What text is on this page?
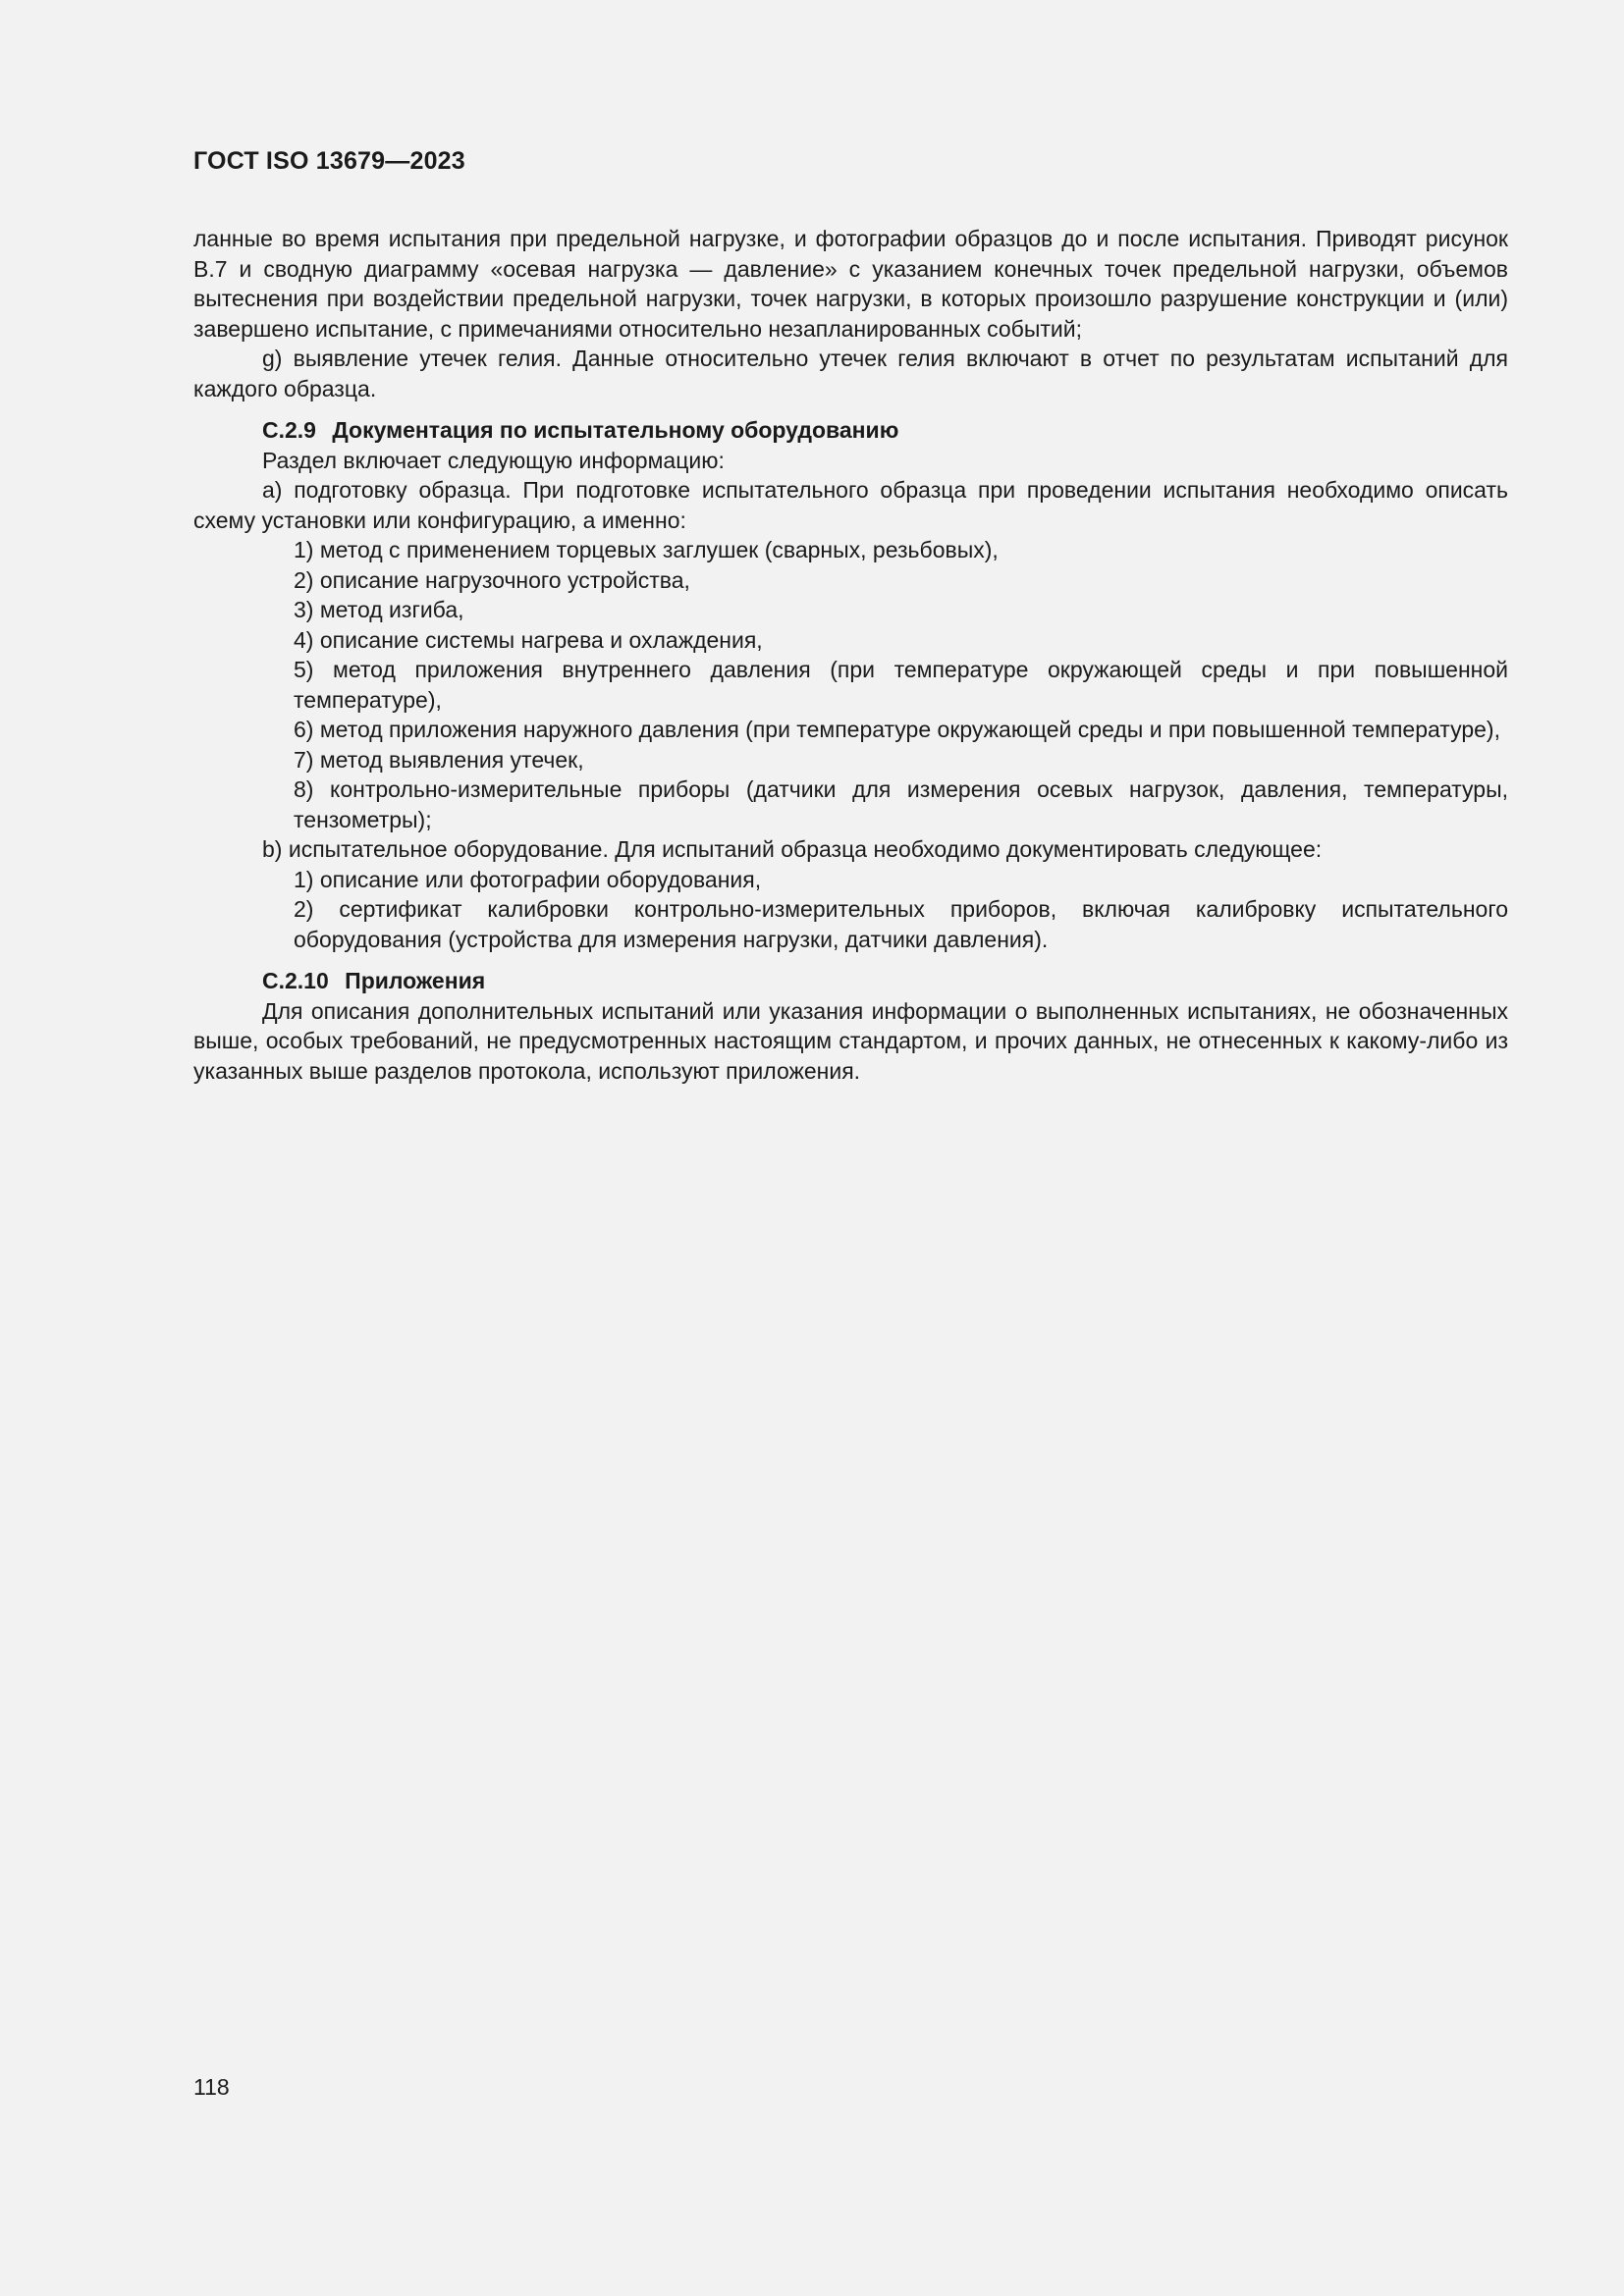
ГОСТ ISO 13679—2023

ланные во время испытания при предельной нагрузке, и фотографии образцов до и после испытания. Приводят рисунок В.7 и сводную диаграмму «осевая нагрузка — давление» с указанием конечных точек предельной нагрузки, объемов вытеснения при воздействии предельной нагрузки, точек нагрузки, в которых произошло разрушение конструкции и (или) завершено испытание, с примечаниями относительно незапланированных событий;

g) выявление утечек гелия. Данные относительно утечек гелия включают в отчет по результатам испытаний для каждого образца.

С.2.9 Документация по испытательному оборудованию

Раздел включает следующую информацию:

a) подготовку образца. При подготовке испытательного образца при проведении испытания необходимо описать схему установки или конфигурацию, а именно:

1) метод с применением торцевых заглушек (сварных, резьбовых),

2) описание нагрузочного устройства,

3) метод изгиба,

4) описание системы нагрева и охлаждения,

5) метод приложения внутреннего давления (при температуре окружающей среды и при повышенной температуре),

6) метод приложения наружного давления (при температуре окружающей среды и при повышенной температуре),

7) метод выявления утечек,

8) контрольно-измерительные приборы (датчики для измерения осевых нагрузок, давления, температуры, тензометры);

b) испытательное оборудование. Для испытаний образца необходимо документировать следующее:

1) описание или фотографии оборудования,

2) сертификат калибровки контрольно-измерительных приборов, включая калибровку испытательного оборудования (устройства для измерения нагрузки, датчики давления).

С.2.10 Приложения

Для описания дополнительных испытаний или указания информации о выполненных испытаниях, не обозначенных выше, особых требований, не предусмотренных настоящим стандартом, и прочих данных, не отнесенных к какому-либо из указанных выше разделов протокола, используют приложения.

118
